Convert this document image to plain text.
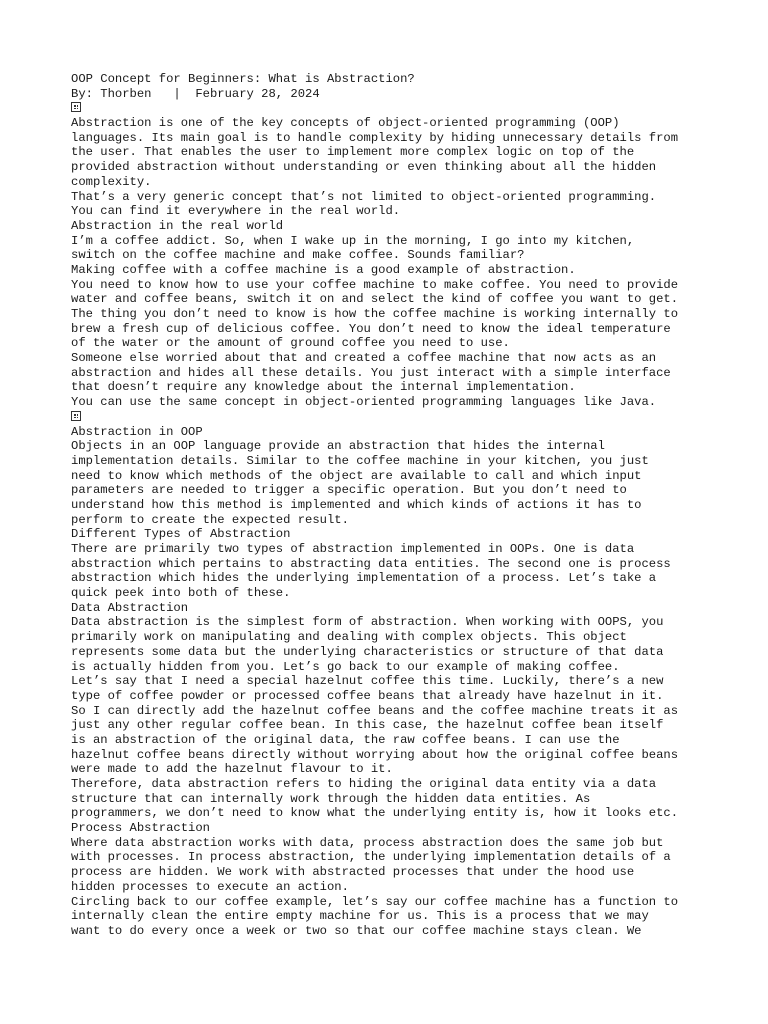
OOP Concept for Beginners: What is Abstraction?
By: Thorben   |  February 28, 2024
Abstraction is one of the key concepts of object-oriented programming (OOP)
languages. Its main goal is to handle complexity by hiding unnecessary details from
the user. That enables the user to implement more complex logic on top of the
provided abstraction without understanding or even thinking about all the hidden
complexity.
That’s a very generic concept that’s not limited to object-oriented programming.
You can find it everywhere in the real world.
Abstraction in the real world
I’m a coffee addict. So, when I wake up in the morning, I go into my kitchen,
switch on the coffee machine and make coffee. Sounds familiar?
Making coffee with a coffee machine is a good example of abstraction.
You need to know how to use your coffee machine to make coffee. You need to provide
water and coffee beans, switch it on and select the kind of coffee you want to get.
The thing you don’t need to know is how the coffee machine is working internally to
brew a fresh cup of delicious coffee. You don’t need to know the ideal temperature
of the water or the amount of ground coffee you need to use.
Someone else worried about that and created a coffee machine that now acts as an
abstraction and hides all these details. You just interact with a simple interface
that doesn’t require any knowledge about the internal implementation.
You can use the same concept in object-oriented programming languages like Java.
Abstraction in OOP
Objects in an OOP language provide an abstraction that hides the internal
implementation details. Similar to the coffee machine in your kitchen, you just
need to know which methods of the object are available to call and which input
parameters are needed to trigger a specific operation. But you don’t need to
understand how this method is implemented and which kinds of actions it has to
perform to create the expected result.
Different Types of Abstraction
There are primarily two types of abstraction implemented in OOPs. One is data
abstraction which pertains to abstracting data entities. The second one is process
abstraction which hides the underlying implementation of a process. Let’s take a
quick peek into both of these.
Data Abstraction
Data abstraction is the simplest form of abstraction. When working with OOPS, you
primarily work on manipulating and dealing with complex objects. This object
represents some data but the underlying characteristics or structure of that data
is actually hidden from you. Let’s go back to our example of making coffee.
Let’s say that I need a special hazelnut coffee this time. Luckily, there’s a new
type of coffee powder or processed coffee beans that already have hazelnut in it.
So I can directly add the hazelnut coffee beans and the coffee machine treats it as
just any other regular coffee bean. In this case, the hazelnut coffee bean itself
is an abstraction of the original data, the raw coffee beans. I can use the
hazelnut coffee beans directly without worrying about how the original coffee beans
were made to add the hazelnut flavour to it.
Therefore, data abstraction refers to hiding the original data entity via a data
structure that can internally work through the hidden data entities. As
programmers, we don’t need to know what the underlying entity is, how it looks etc.
Process Abstraction
Where data abstraction works with data, process abstraction does the same job but
with processes. In process abstraction, the underlying implementation details of a
process are hidden. We work with abstracted processes that under the hood use
hidden processes to execute an action.
Circling back to our coffee example, let’s say our coffee machine has a function to
internally clean the entire empty machine for us. This is a process that we may
want to do every once a week or two so that our coffee machine stays clean. We
